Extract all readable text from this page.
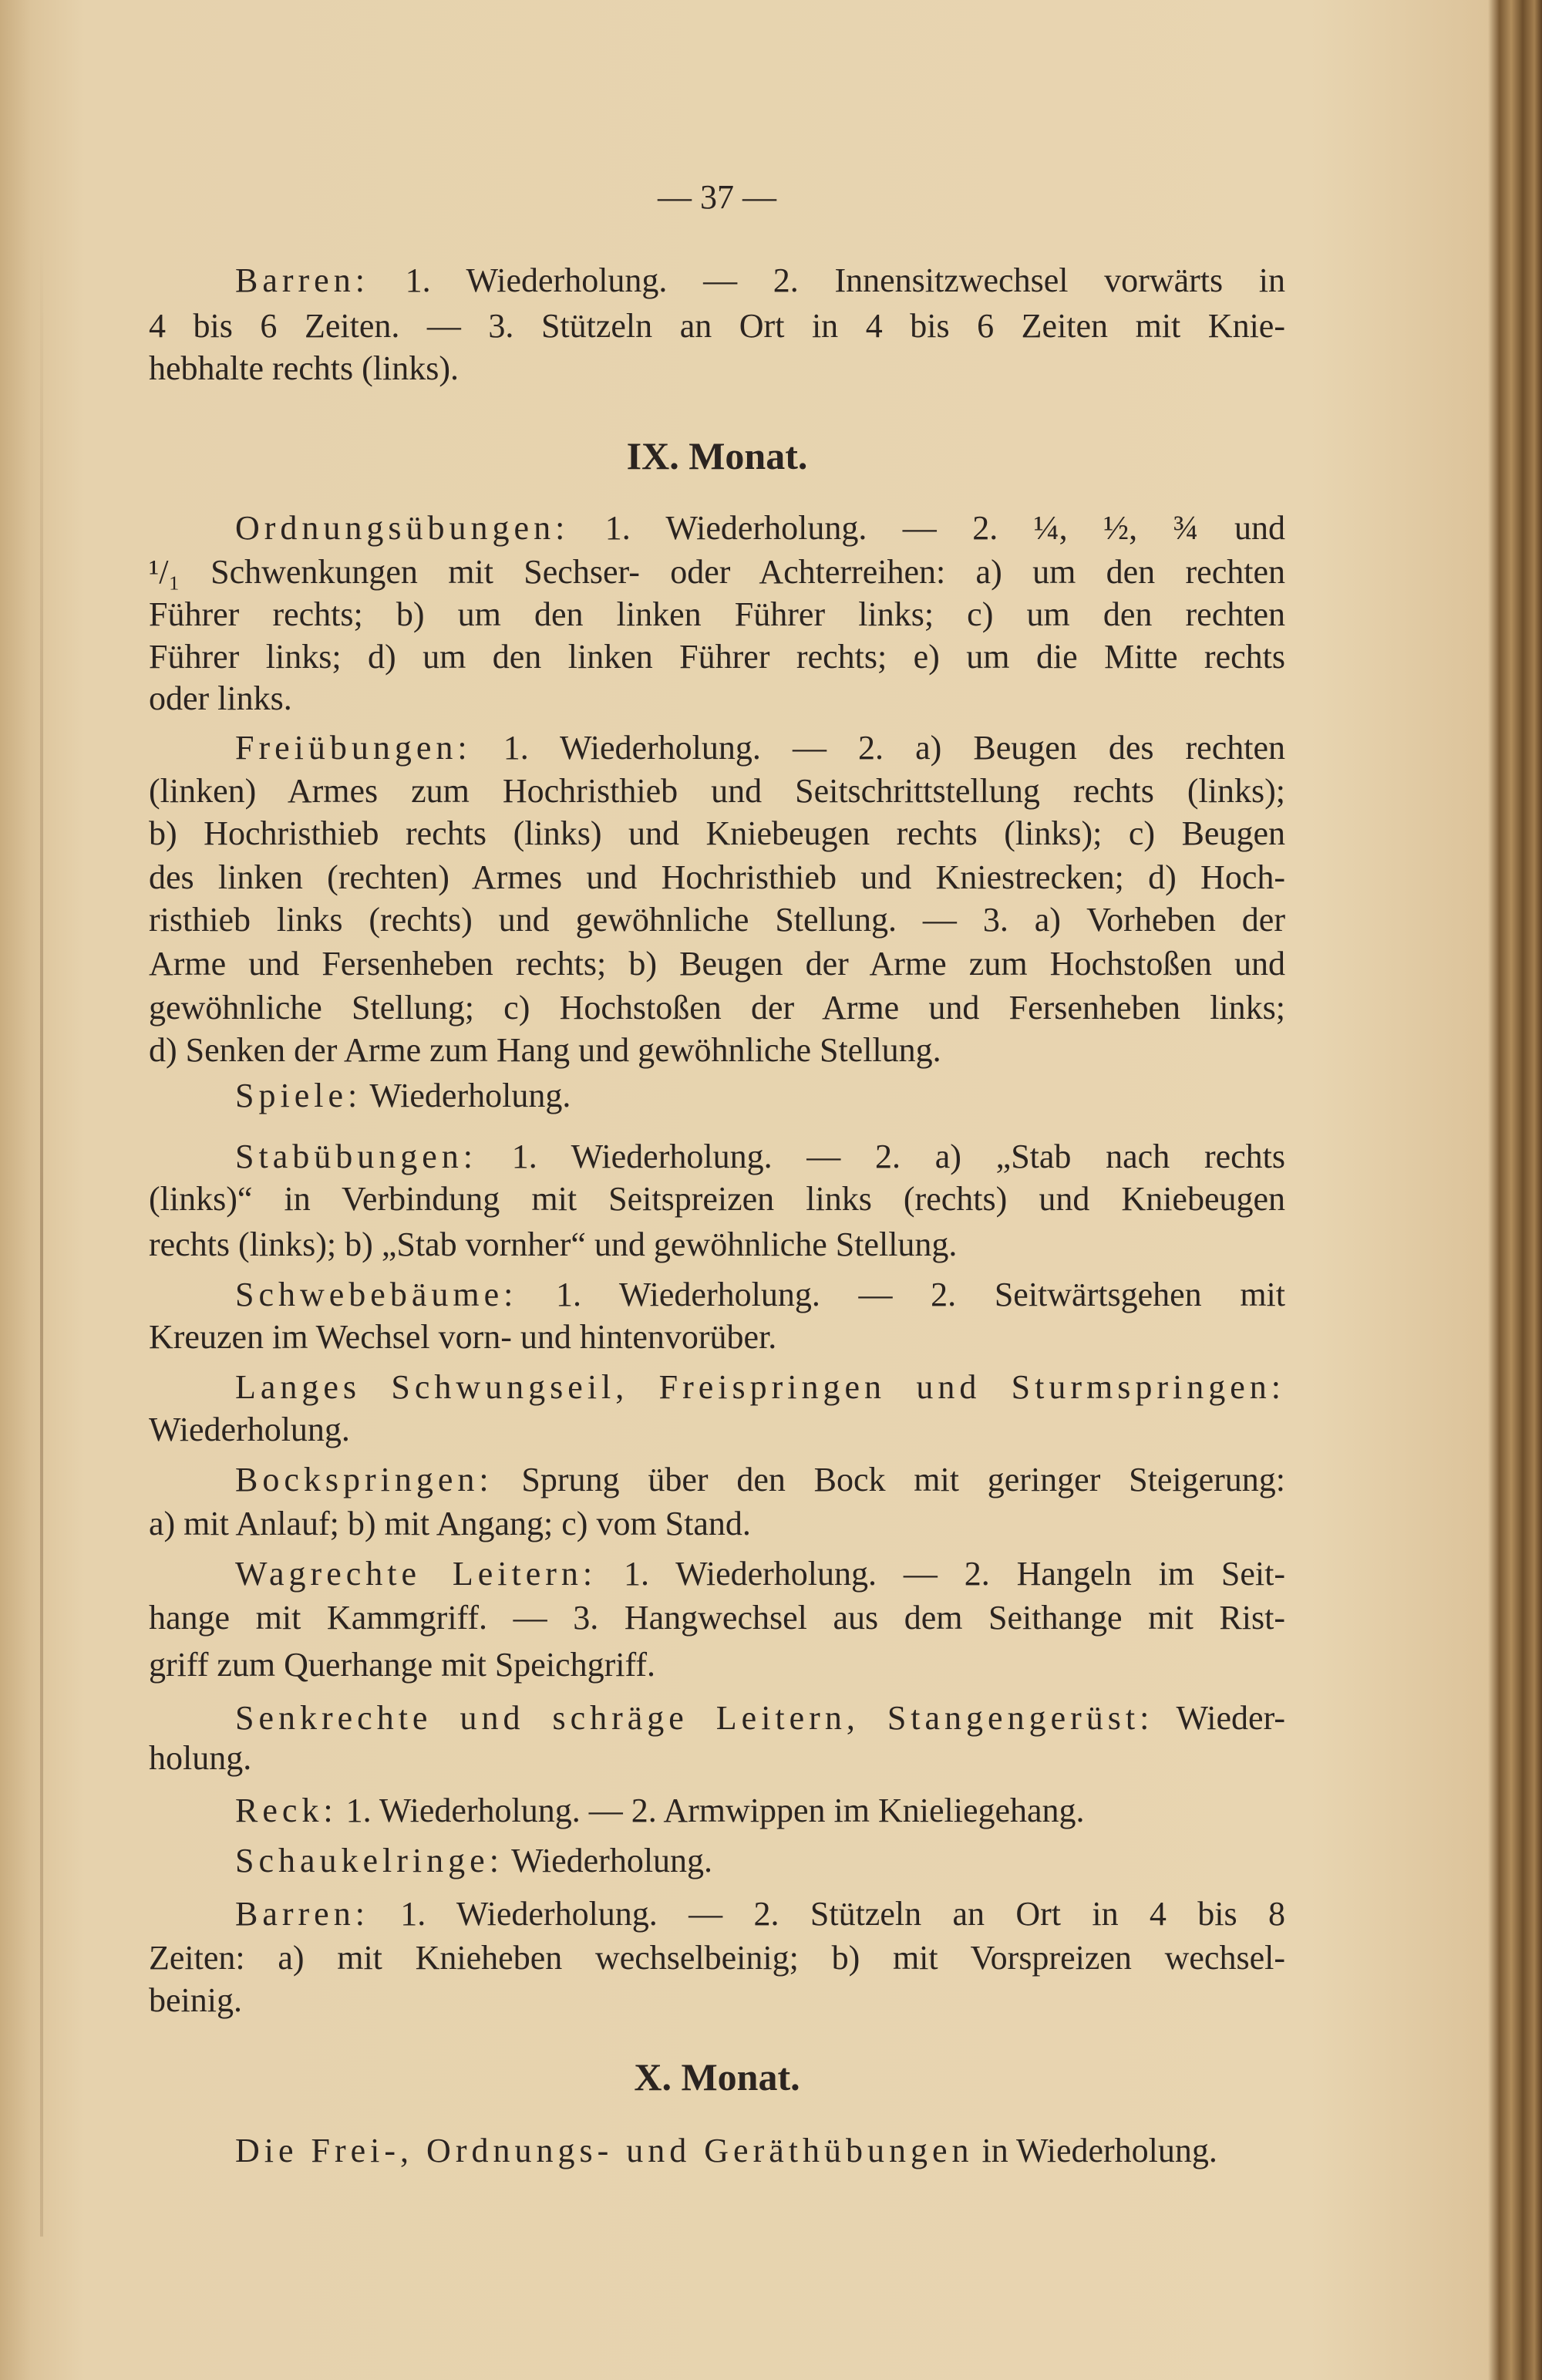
— 37 —
Barren: 1. Wiederholung. — 2. Innensitzwechsel vorwärts in
4 bis 6 Zeiten. — 3. Stützeln an Ort in 4 bis 6 Zeiten mit Knie-
hebhalte rechts (links).
IX. Monat.
Ordnungsübungen: 1. Wiederholung. — 2. ¼, ½, ¾ und
¹/₁ Schwenkungen mit Sechser- oder Achterreihen: a) um den rechten
Führer rechts; b) um den linken Führer links; c) um den rechten
Führer links; d) um den linken Führer rechts; e) um die Mitte rechts
oder links.
Freiübungen: 1. Wiederholung. — 2. a) Beugen des rechten
(linken) Armes zum Hochristhieb und Seitschrittstellung rechts (links);
b) Hochristhieb rechts (links) und Kniebeugen rechts (links); c) Beugen
des linken (rechten) Armes und Hochristhieb und Kniestrecken; d) Hoch-
risthieb links (rechts) und gewöhnliche Stellung. — 3. a) Vorheben der
Arme und Fersenheben rechts; b) Beugen der Arme zum Hochstoßen und
gewöhnliche Stellung; c) Hochstoßen der Arme und Fersenheben links;
d) Senken der Arme zum Hang und gewöhnliche Stellung.
Spiele: Wiederholung.
Stabübungen: 1. Wiederholung. — 2. a) „Stab nach rechts
(links)“ in Verbindung mit Seitspreizen links (rechts) und Kniebeugen
rechts (links); b) „Stab vornher“ und gewöhnliche Stellung.
Schwebebäume: 1. Wiederholung. — 2. Seitwärtsgehen mit
Kreuzen im Wechsel vorn- und hintenvorüber.
Langes Schwungseil, Freispringen und Sturmspringen:
Wiederholung.
Bockspringen: Sprung über den Bock mit geringer Steigerung:
a) mit Anlauf; b) mit Angang; c) vom Stand.
Wagrechte Leitern: 1. Wiederholung. — 2. Hangeln im Seit-
hange mit Kammgriff. — 3. Hangwechsel aus dem Seithange mit Rist-
griff zum Querhange mit Speichgriff.
Senkrechte und schräge Leitern, Stangengerüst: Wieder-
holung.
Reck: 1. Wiederholung. — 2. Armwippen im Knieliegehang.
Schaukelringe: Wiederholung.
Barren: 1. Wiederholung. — 2. Stützeln an Ort in 4 bis 8
Zeiten: a) mit Knieheben wechselbeinig; b) mit Vorspreizen wechsel-
beinig.
X. Monat.
Die Frei-, Ordnungs- und Geräthübungen in Wiederholung.
